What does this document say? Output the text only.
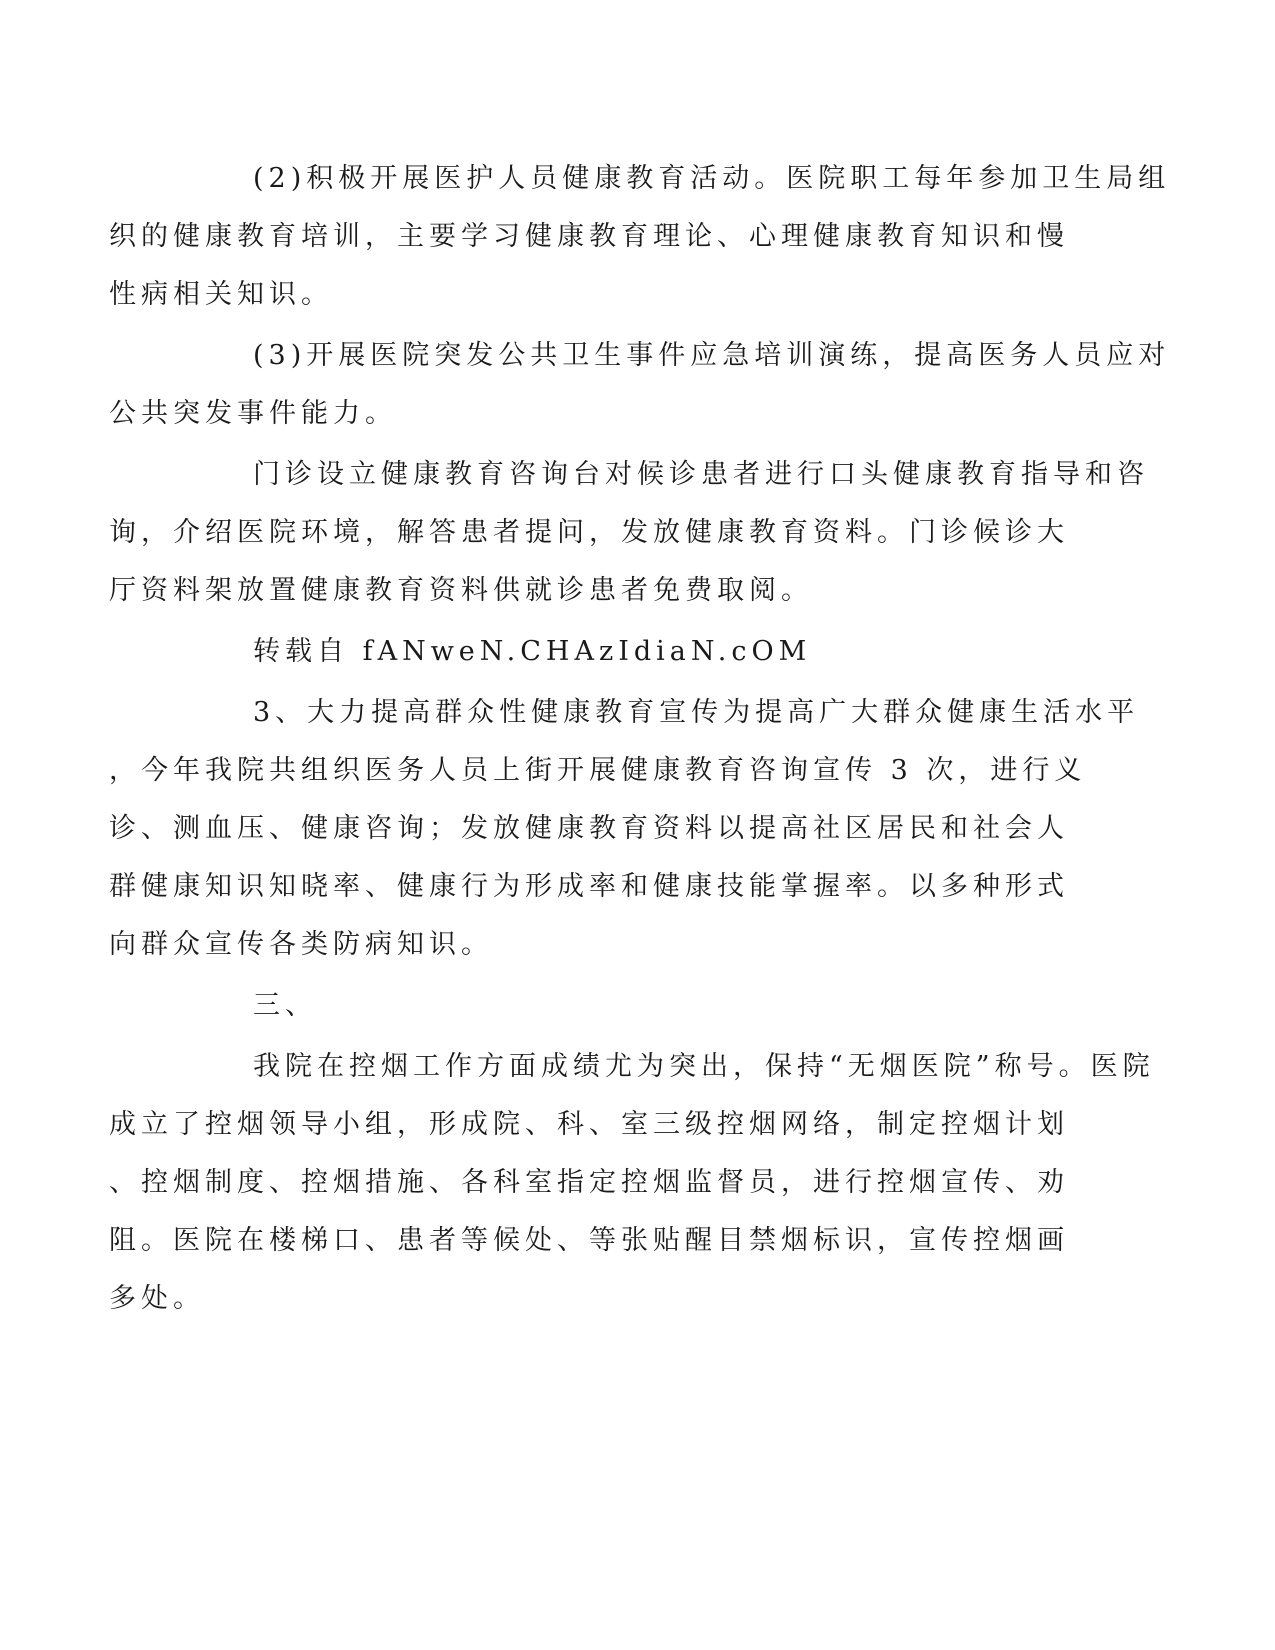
(2)积极开展医护人员健康教育活动。医院职工每年参加卫生局组
织的健康教育培训，主要学习健康教育理论、心理健康教育知识和慢
性病相关知识。

(3)开展医院突发公共卫生事件应急培训演练，提高医务人员应对
公共突发事件能力。

门诊设立健康教育咨询台对候诊患者进行口头健康教育指导和咨
询，介绍医院环境，解答患者提问，发放健康教育资料。门诊候诊大
厅资料架放置健康教育资料供就诊患者免费取阅。

转载自 fANweN.CHAzIdiaN.cOM

3、大力提高群众性健康教育宣传为提高广大群众健康生活水平
，今年我院共组织医务人员上街开展健康教育咨询宣传 3 次，进行义
诊、测血压、健康咨询；发放健康教育资料以提高社区居民和社会人
群健康知识知晓率、健康行为形成率和健康技能掌握率。以多种形式
向群众宣传各类防病知识。

三、

我院在控烟工作方面成绩尤为突出，保持“无烟医院”称号。医院
成立了控烟领导小组，形成院、科、室三级控烟网络，制定控烟计划
、控烟制度、控烟措施、各科室指定控烟监督员，进行控烟宣传、劝
阻。医院在楼梯口、患者等候处、等张贴醒目禁烟标识，宣传控烟画
多处。
